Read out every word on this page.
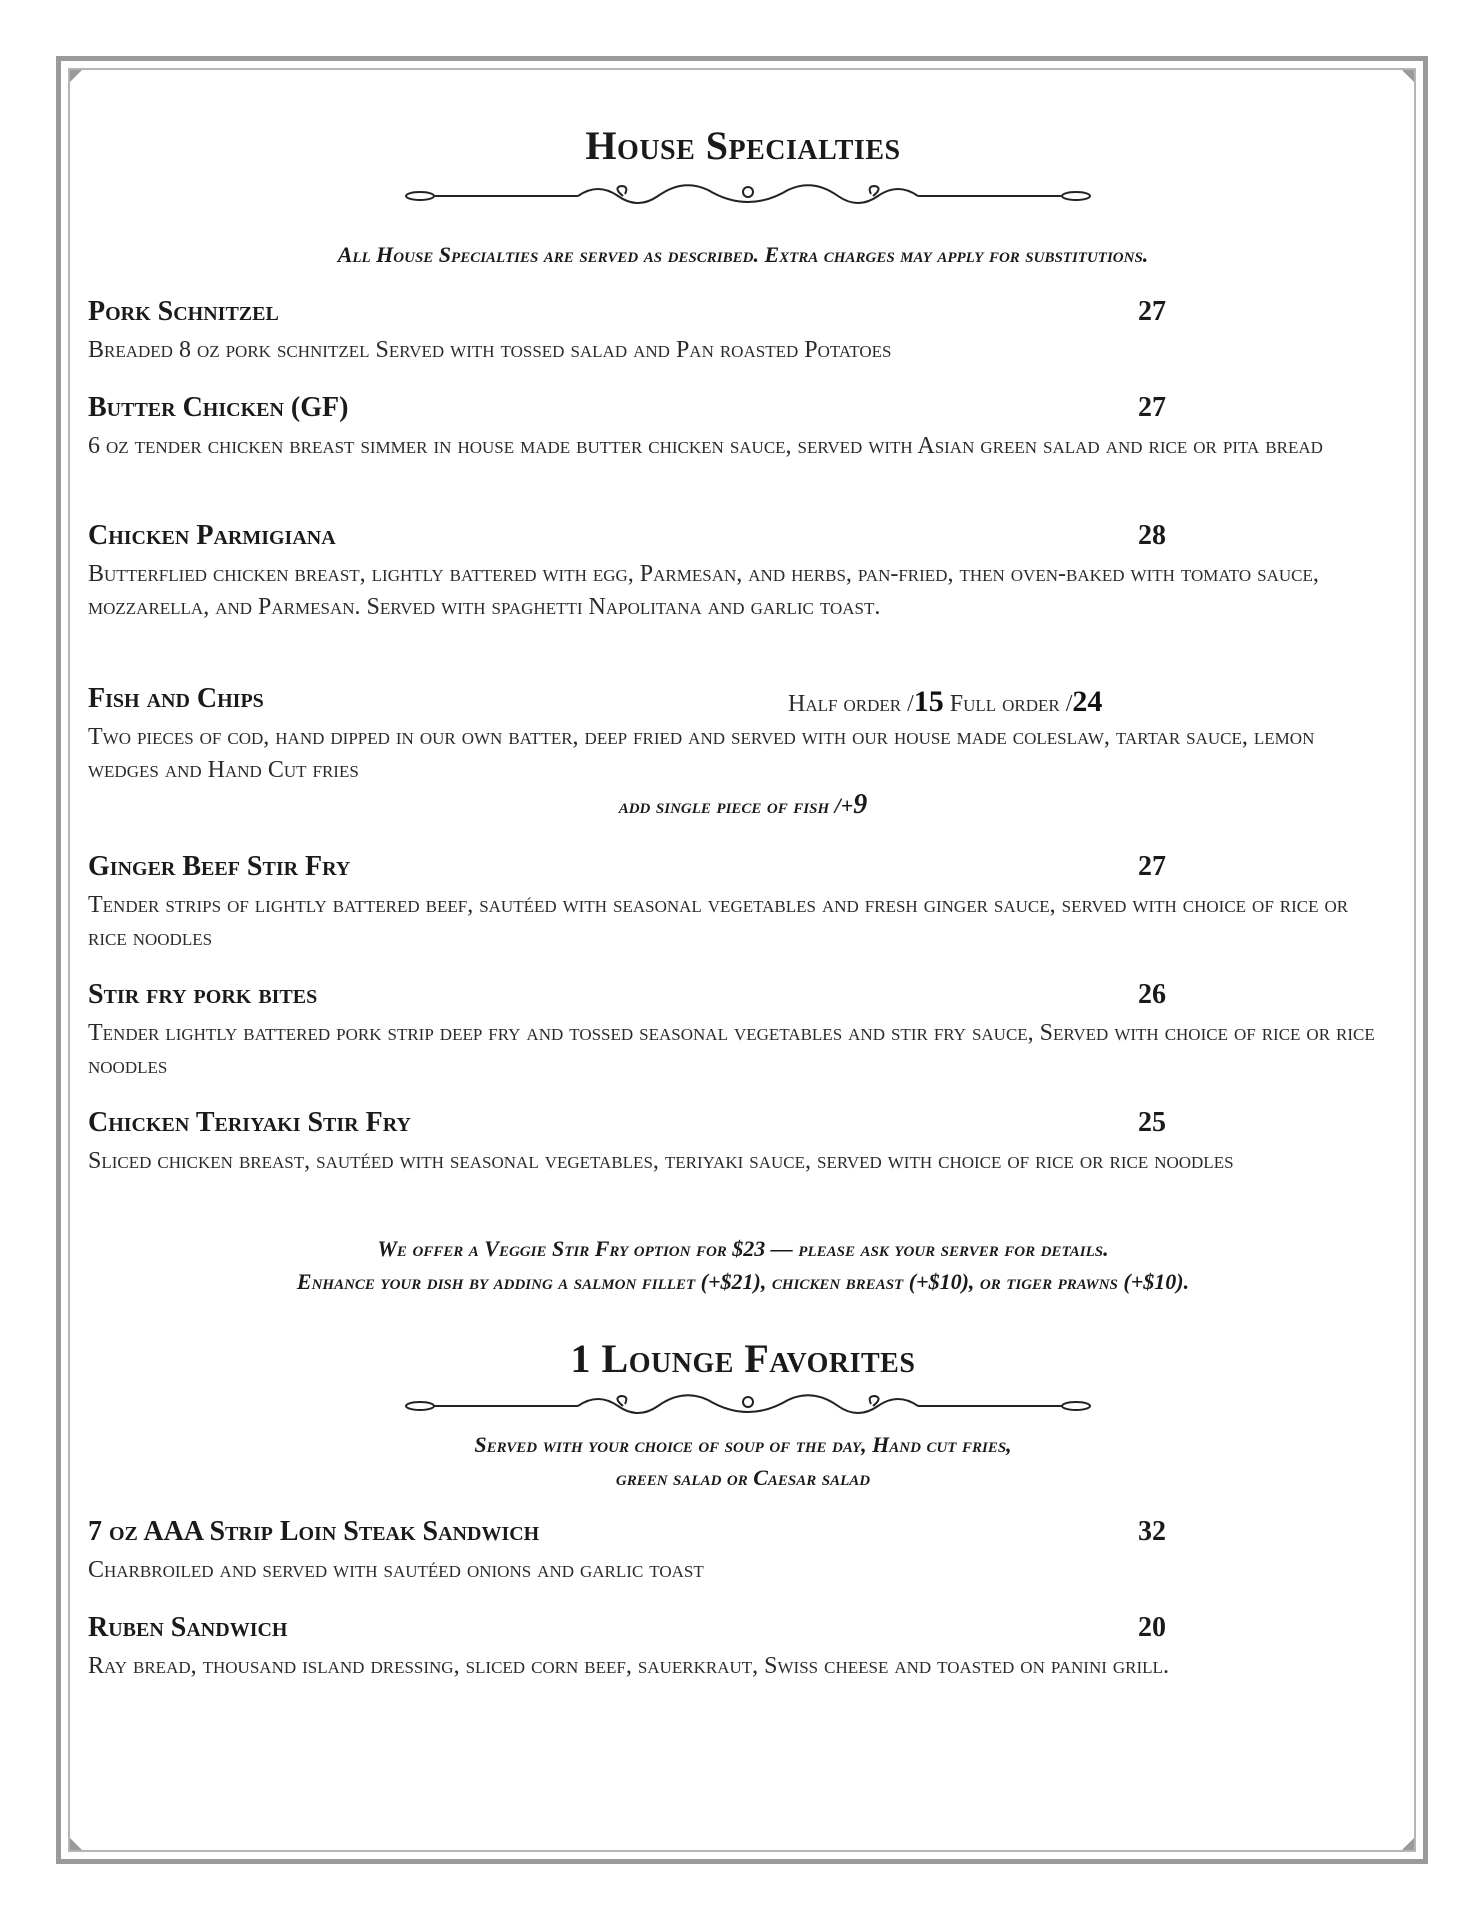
House Specialties
All House Specialties are served as described. Extra charges may apply for substitutions.
Pork Schnitzel	27
Breaded 8 oz pork schnitzel Served with tossed salad and Pan roasted Potatoes
Butter Chicken (GF)	27
6 oz tender chicken breast simmer in house made butter chicken sauce, served with Asian green salad and rice or pita bread
Chicken Parmigiana	28
Butterflied chicken breast, lightly battered with egg, Parmesan, and herbs, pan-fried, then oven-baked with tomato sauce, mozzarella, and Parmesan. Served with spaghetti Napolitana and garlic toast.
Fish and Chips	Half order /15 Full order /24
Two pieces of cod, hand dipped in our own batter, deep fried and served with our house made coleslaw, tartar sauce, lemon wedges and Hand Cut fries
add single piece of fish /+9
Ginger Beef Stir Fry	27
Tender strips of lightly battered beef, sautéed with seasonal vegetables and fresh ginger sauce, served with choice of rice or rice noodles
Stir fry pork bites	26
Tender lightly battered pork strip deep fry and tossed seasonal vegetables and stir fry sauce, Served with choice of rice or rice noodles
Chicken Teriyaki Stir Fry	25
Sliced chicken breast, sautéed with seasonal vegetables, teriyaki sauce, served with choice of rice or rice noodles
We offer a Veggie Stir Fry option for $23 — please ask your server for details.
Enhance your dish by adding a salmon fillet (+$21), chicken breast (+$10), or tiger prawns (+$10).
1 Lounge Favorites
Served with your choice of soup of the day, Hand cut fries,
green salad or Caesar salad
7 oz AAA Strip Loin Steak Sandwich	32
Charbroiled and served with sautéed onions and garlic toast
Ruben Sandwich	20
Ray bread, thousand island dressing, sliced corn beef, sauerkraut, Swiss cheese and toasted on panini grill.
